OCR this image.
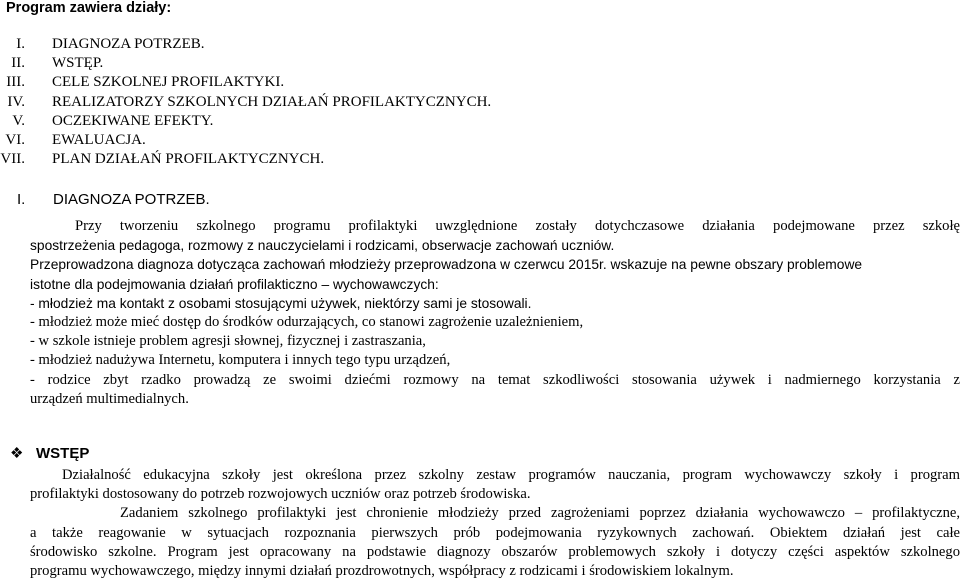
Program zawiera działy:
I. DIAGNOZA POTRZEB.
II. WSTĘP.
III. CELE SZKOLNEJ PROFILAKTYKI.
IV. REALIZATORZY SZKOLNYCH DZIAŁAŃ PROFILAKTYCZNYCH.
V. OCZEKIWANE EFEKTY.
VI. EWALUACJA.
VII. PLAN DZIAŁAŃ PROFILAKTYCZNYCH.
I. DIAGNOZA POTRZEB.
Przy tworzeniu szkolnego programu profilaktyki uwzględnione zostały dotychczasowe działania podejmowane przez szkołę
spostrzeżenia pedagoga, rozmowy z nauczycielami i rodzicami, obserwacje zachowań uczniów.
Przeprowadzona diagnoza dotycząca zachowań młodzieży przeprowadzona w czerwcu 2015r. wskazuje na pewne obszary problemowe
istotne dla podejmowania działań profilakticzno – wychowawczych:
- młodzież ma kontakt z osobami stosującymi używek, niektórzy sami je stosowali.
- młodzież może mieć dostęp do środków odurzających, co stanowi zagrożenie uzależnieniem,
- w szkole istnieje problem agresji słownej, fizycznej i zastraszania,
- młodzież nadużywa Internetu, komputera i innych tego typu urządzeń,
- rodzice zbyt rzadko prowadzą ze swoimi dziećmi rozmowy na temat szkodliwości stosowania używek i nadmiernego korzystania z
urządzeń multimedialnych.
❖ WSTĘP
Działalność edukacyjna szkoły jest określona przez szkolny zestaw programów nauczania, program wychowawczy szkoły i program
profilaktyki dostosowany do potrzeb rozwojowych uczniów oraz potrzeb środowiska.
Zadaniem szkolnego profilaktyki jest chronienie młodzieży przed zagrożeniami poprzez działania wychowawczo – profilaktyczne,
a także reagowanie w sytuacjach rozpoznania pierwszych prób podejmowania ryzykownych zachowań. Obiektem działań jest całe
środowisko szkolne. Program jest opracowany na podstawie diagnozy obszarów problemowych szkoły i dotyczy części aspektów szkolnego
programu wychowawczego, między innymi działań prozdrowotnych, współpracy z rodzicami i środowiskiem lokalnym.
